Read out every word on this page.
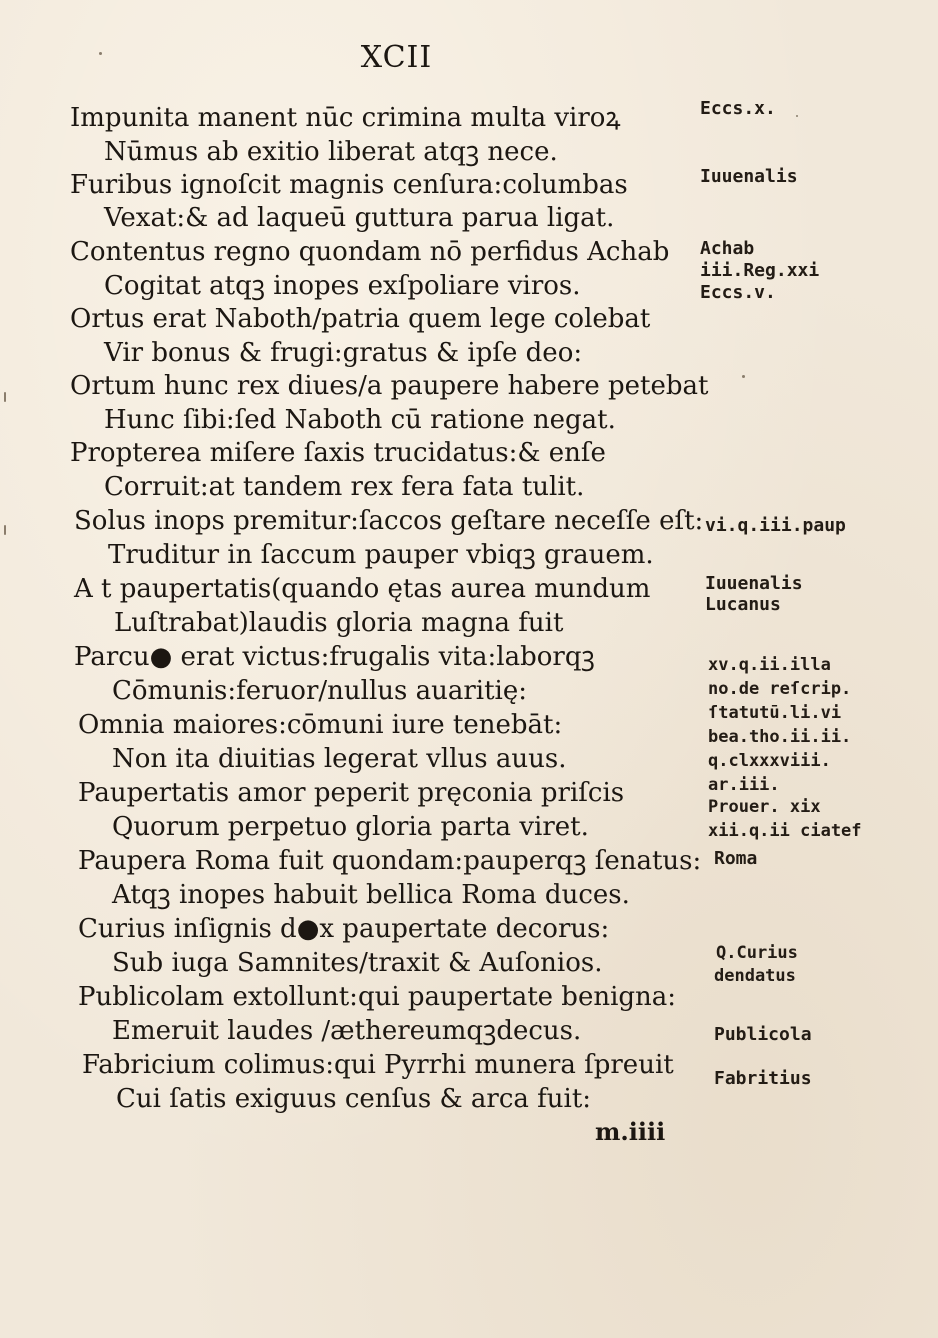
XCII
Impunita manent nūc crimina multa viroꝝ
Nūmus ab exitio liberat atqꝫ nece.
Furibus ignoſcit magnis cenſura:columbas
Vexat:& ad laqueū guttura parua ligat.
Contentus regno quondam nō perfidus Achab
Cogitat atqꝫ inopes exſpoliare viros.
Ortus erat Naboth/patria quem lege colebat
Vir bonus & frugi:gratus & ipſe deo:
Ortum hunc rex diues/a paupere habere petebat
Hunc ſibi:ſed Naboth cū ratione negat.
Propterea miſere ſaxis trucidatus:& enſe
Corruit:at tandem rex fera fata tulit.
Solus inops premitur:ſaccos geſtare neceſſe eſt:
Truditur in ſaccum pauper vbiqꝫ grauem.
A t paupertatis(quando ętas aurea mundum
Luſtrabat)laudis gloria magna fuit
Parcu● erat victus:frugalis vita:laborqꝫ
Cōmunis:feruor/nullus auaritię:
Omnia maiores:cōmuni iure tenebāt:
Non ita diuitias legerat vllus auus.
Paupertatis amor peperit pręconia priſcis
Quorum perpetuo gloria parta viret.
Paupera Roma fuit quondam:pauperqꝫ ſenatus:
Atqꝫ inopes habuit bellica Roma duces.
Curius inſignis d●x paupertate decorus:
Sub iuga Samnites/traxit & Auſonios.
Publicolam extollunt:qui paupertate benigna:
Emeruit laudes /æthereumqꝫdecus.
Fabricium colimus:qui Pyrrhi munera ſpreuit
Cui ſatis exiguus cenſus & arca fuit:
Eccs.x.
Iuuenalis
Achab
iii.Reg.xxi
Eccs.v.
vi.q.iii.paup
Iuuenalis
Lucanus
xv.q.ii.illa
no.de reſcrip.
ſtatutū.li.vi
bea.tho.ii.ii.
q.clxxxviii.
ar.iii.
Prouer. xix
xii.q.ii ciatef
Roma
Q.Curius
dendatus
Publicola
Fabritius
m.iiii
